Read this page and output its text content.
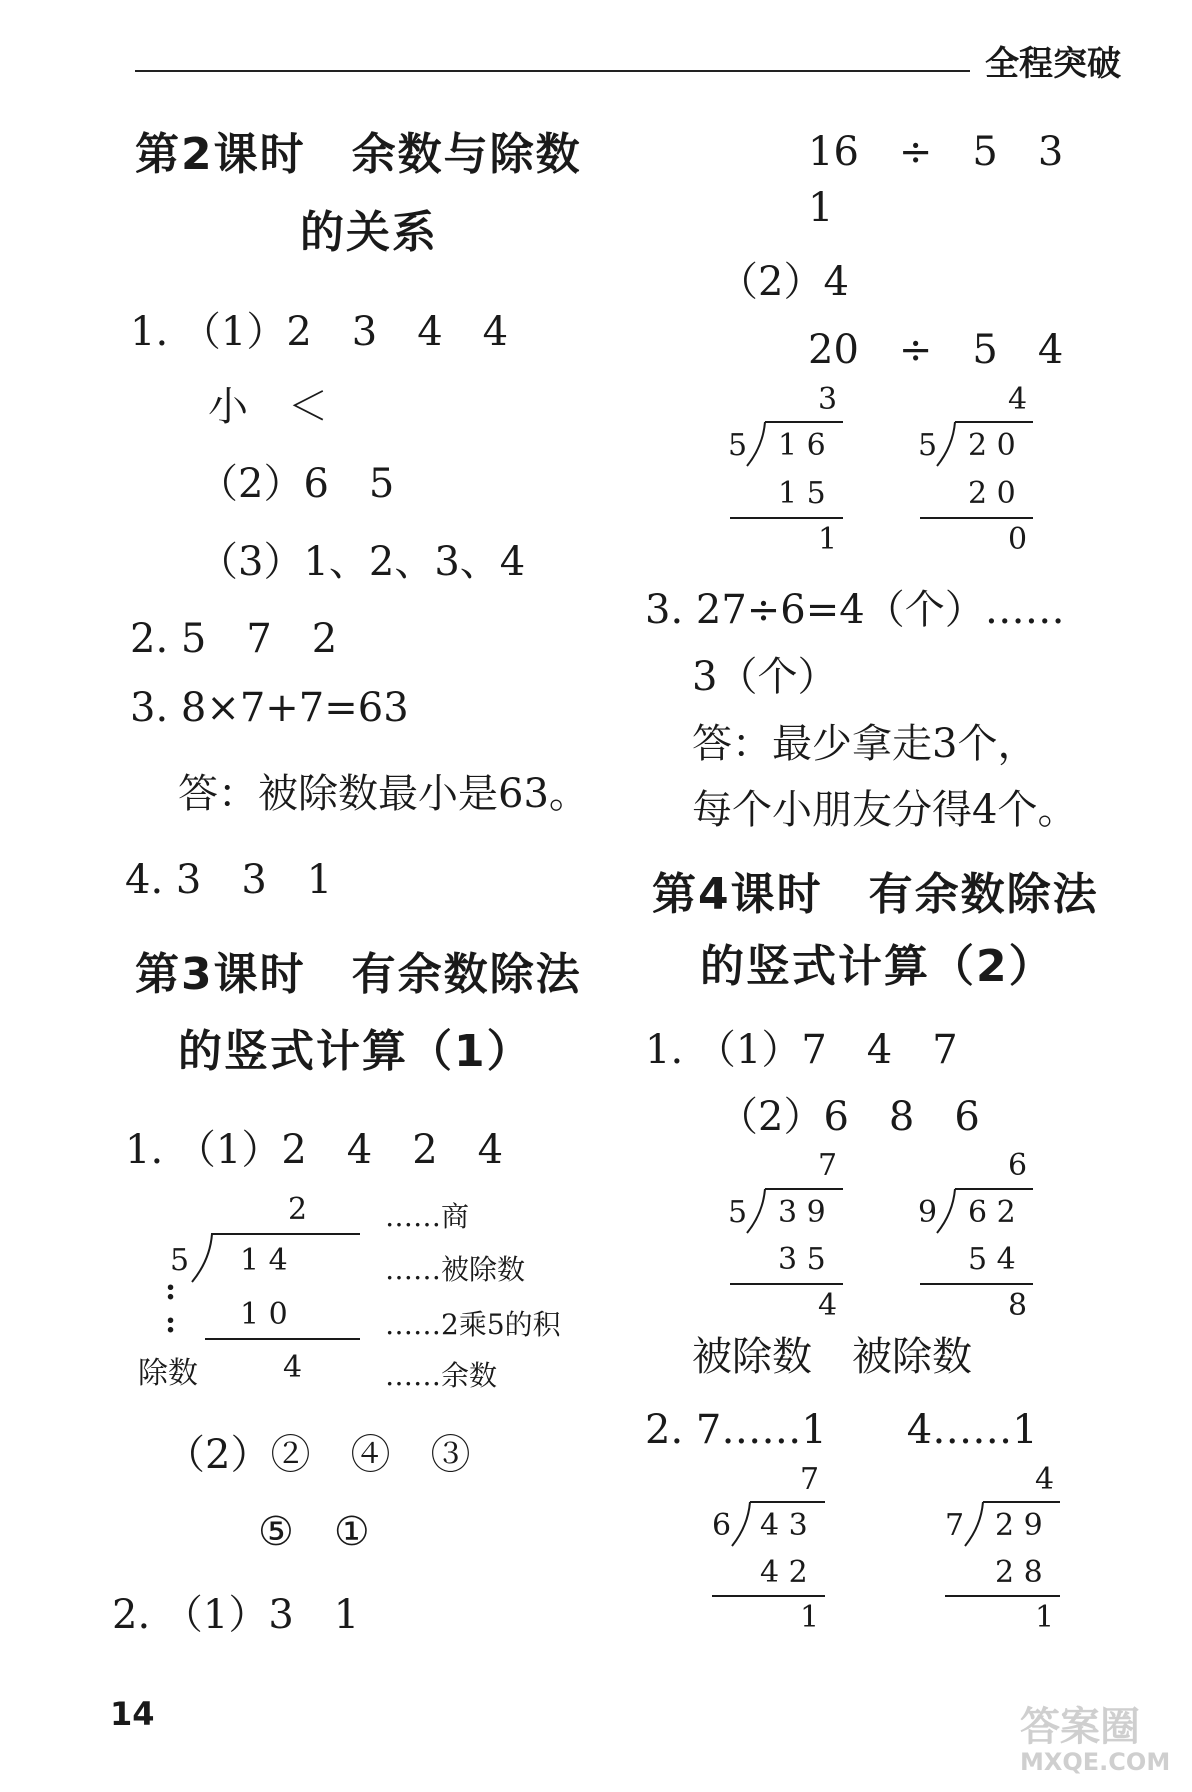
全程突破
第2课时　余数与除数
的关系
1. （1）2　3　4　4
小　＜
（2）6　5
（3）1、2、3、4
2. 5　7　2
3. 8×7+7=63
答：被除数最小是63。
4. 3　3　1
第3课时　有余数除法
的竖式计算（1）
1. （1）2　4　2　4
2
5 1 4
:
: 1 0
除数	4
……商
……被除数
……2乘5的积
……余数
（2）②　④　③
⑤　①
2. （1）3　1
16　÷　5　3
1
（2）4
20　÷　5　4
3
5 1 6
1 5
1
4
5 2 0
2 0
0
3. 27÷6=4（个）……
3（个）
答：最少拿走3个，
每个小朋友分得4个。
第4课时　有余数除法
的竖式计算（2）
1. （1）7　4　7
（2）6　8　6
7
5 3 9
3 5
4
6
9 6 2
5 4
8
被除数　被除数
2. 7……1　　4……1
7
6 4 3
4 2
1
4
7 2 9
2 8
1
14	答案圈
MXQE.COM
